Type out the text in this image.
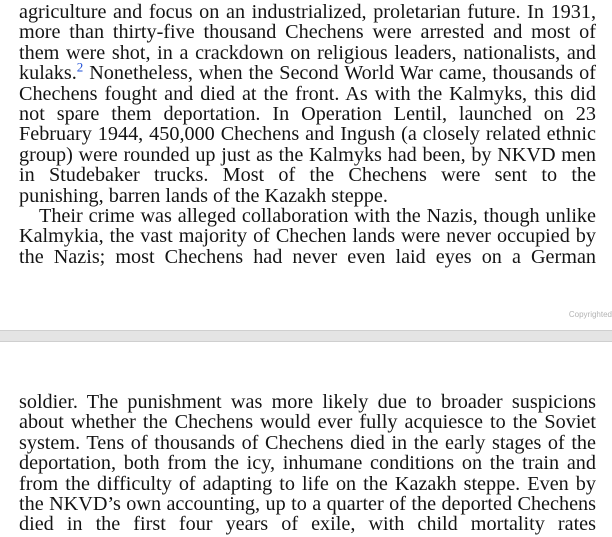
agriculture and focus on an industrialized, proletarian future. In 1931,
more than thirty-five thousand Chechens were arrested and most of
them were shot, in a crackdown on religious leaders, nationalists, and
kulaks.$^2$ Nonetheless, when the Second World War came, thousands of
Chechens fought and died at the front. As with the Kalmyks, this did
not spare them deportation. In Operation Lentil, launched on 23
February 1944, 450,000 Chechens and Ingush (a closely related ethnic
group) were rounded up just as the Kalmyks had been, by NKVD men
in Studebaker trucks. Most of the Chechens were sent to the
punishing, barren lands of the Kazakh steppe.
Their crime was alleged collaboration with the Nazis, though unlike
Kalmykia, the vast majority of Chechen lands were never occupied by
the Nazis; most Chechens had never even laid eyes on a German
Copyrighted
soldier. The punishment was more likely due to broader suspicions
about whether the Chechens would ever fully acquiesce to the Soviet
system. Tens of thousands of Chechens died in the early stages of the
deportation, both from the icy, inhumane conditions on the train and
from the difficulty of adapting to life on the Kazakh steppe. Even by
the NKVD’s own accounting, up to a quarter of the deported Chechens
died in the first four years of exile, with child mortality rates
